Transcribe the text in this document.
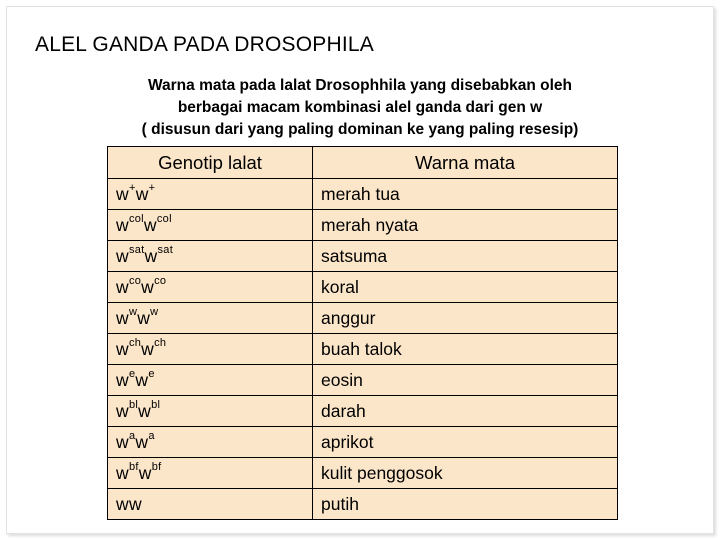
ALEL GANDA PADA DROSOPHILA
Warna mata pada lalat Drosophhila yang disebabkan oleh
berbagai macam kombinasi alel ganda dari gen w
( disusun dari yang paling dominan ke yang paling resesip)
Genotip lalat	Warna mata
w+w+	merah tua
$w^{col}w^{col}$	merah nyata
$w^{sat}w^{sat}$	satsuma
$w^{co}w^{co}$	koral
$w^ww^w$	anggur
$w^{ch}w^{ch}$	buah talok
$w^ew^e$	eosin
$w^{bl}w^{bl}$	darah
$w^aw^a$	aprikot
$w^{bf}w^{bf}$	kulit penggosok
ww	putih
